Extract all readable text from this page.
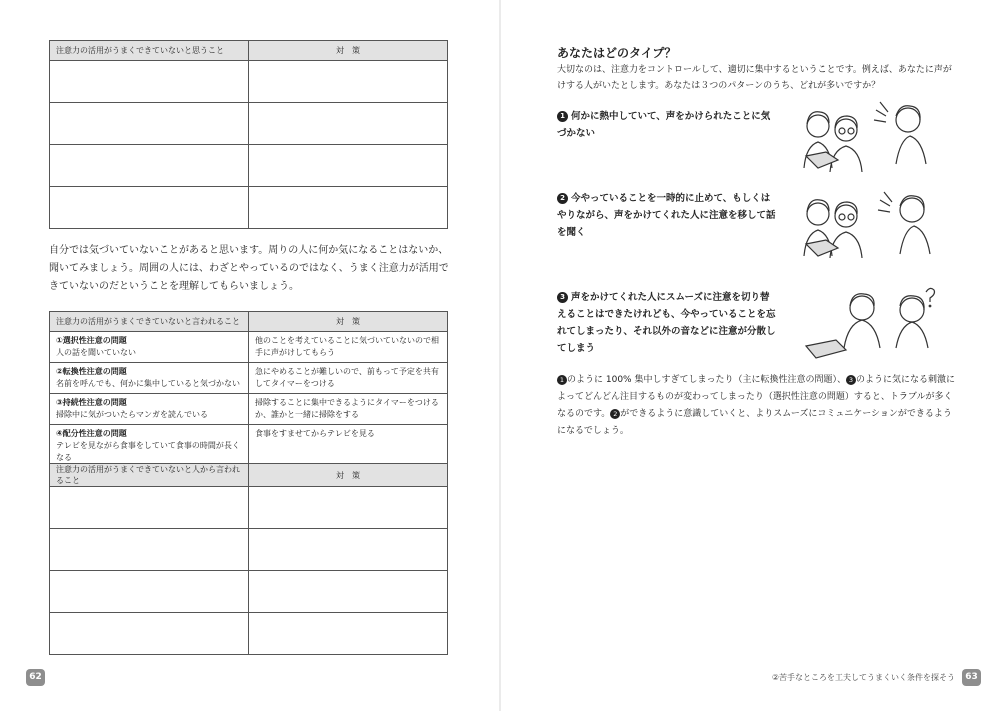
注意力の活用がうまくできていないと思うこと	対　策

自分では気づいていないことがあると思います。周りの人に何か気になることはないか、聞いてみましょう。周囲の人には、わざとやっているのではなく、うまく注意力が活用できていないのだということを理解してもらいましょう。

注意力の活用がうまくできていないと言われること	対　策
①選択性注意の問題
人の話を聞いていない	他のことを考えていることに気づいていないので相手に声がけしてもらう
②転換性注意の問題
名前を呼んでも、何かに集中していると気づかない	急にやめることが難しいので、前もって予定を共有してタイマーをつける
③持続性注意の問題
掃除中に気がついたらマンガを読んでいる	掃除することに集中できるようにタイマーをつけるか、誰かと一緒に掃除をする
④配分性注意の問題
テレビを見ながら食事をしていて食事の時間が長くなる	食事をすませてからテレビを見る
注意力の活用がうまくできていないと人から言われること	対　策

62
あなたはどのタイプ？

大切なのは、注意力をコントロールして、適切に集中するということです。例えば、あなたに声がけする人がいたとします。あなたは３つのパターンのうち、どれが多いですか？

1 何かに熱中していて、声をかけられたことに気づかない

2 今やっていることを一時的に止めて、もしくはやりながら、声をかけてくれた人に注意を移して話を聞く

3 声をかけてくれた人にスムーズに注意を切り替えることはできたけれども、今やっていることを忘れてしまったり、それ以外の音などに注意が分散してしまう

1 のように 100% 集中しすぎてしまったり（主に転換性注意の問題）、 3 のように気になる刺激によってどんどん注目するものが変わってしまったり（選択性注意の問題）すると、トラブルが多くなるのです。 2 ができるように意識していくと、よりスムーズにコミュニケーションができるようになるでしょう。

②苦手なところを工夫してうまくいく条件を探そう	63
